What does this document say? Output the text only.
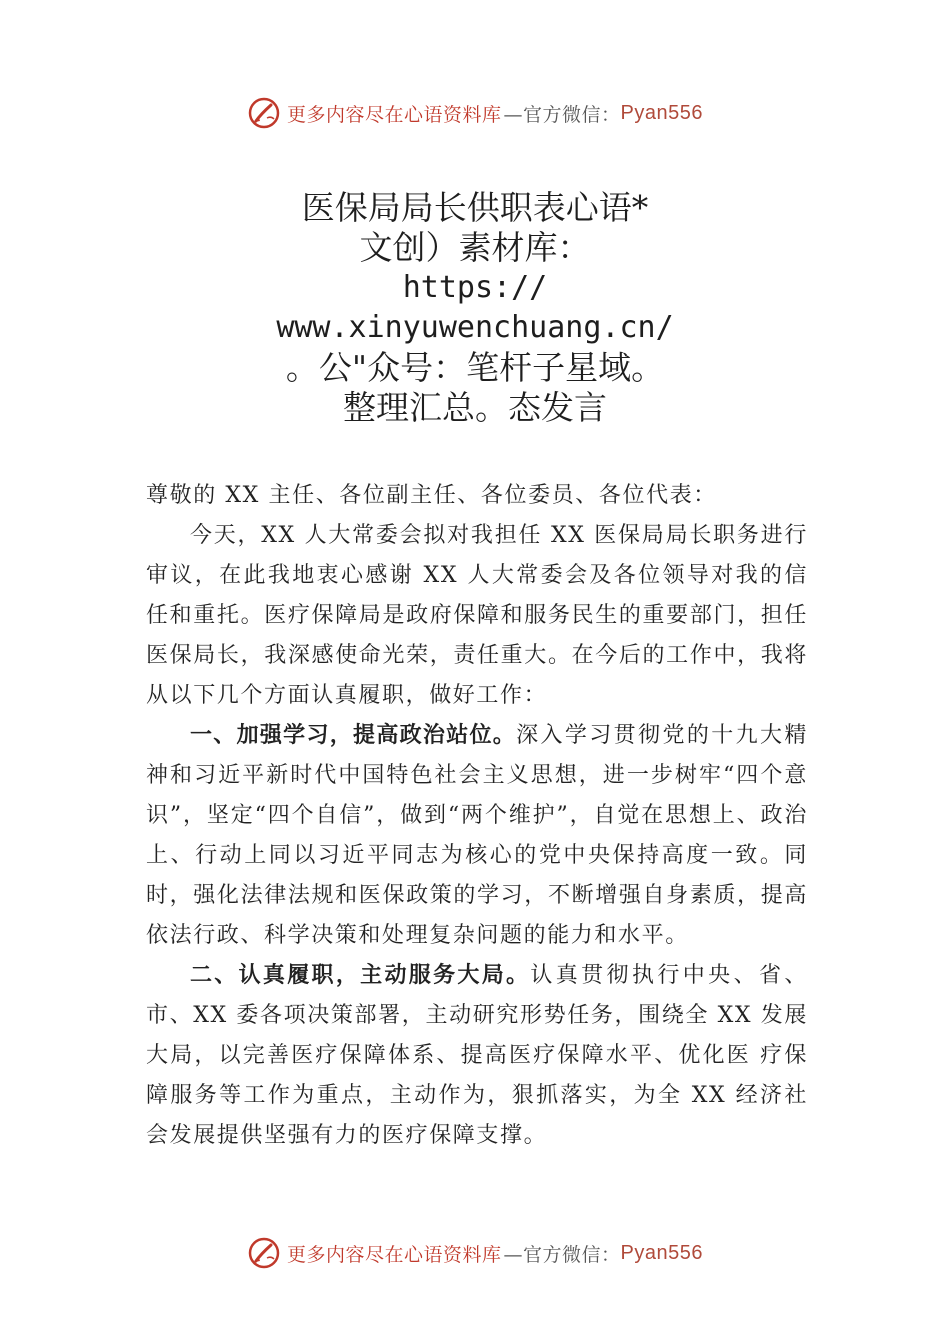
更多内容尽在心语资料库 —官方微信： Pyan556
医保局局长供职表心语*
文创）素材库：
https://
www.xinyuwenchuang.cn/
。公"众号：笔杆子星域。
整理汇总。态发言

尊敬的 XX 主任、各位副主任、各位委员、各位代表：

今天，XX 人大常委会拟对我担任 XX 医保局局长职务进行审议，在此我地衷心感谢 XX 人大常委会及各位领导对我的信任和重托。医疗保障局是政府保障和服务民生的重要部门，担任医保局长，我深感使命光荣，责任重大。在今后的工作中，我将从以下几个方面认真履职，做好工作：

一、加强学习，提高政治站位。深入学习贯彻党的十九大精神和习近平新时代中国特色社会主义思想，进一步树牢“四个意识”，坚定“四个自信”，做到“两个维护”，自觉在思想上、政治上、行动上同以习近平同志为核心的党中央保持高度一致。同时，强化法律法规和医保政策的学习，不断增强自身素质，提高依法行政、科学决策和处理复杂问题的能力和水平。

二、认真履职，主动服务大局。认真贯彻执行中央、省、市、XX 委各项决策部署，主动研究形势任务，围绕全 XX 发展大局，以完善医疗保障体系、提高医疗保障水平、优化医 疗保障服务等工作为重点，主动作为，狠抓落实，为全 XX 经济社会发展提供坚强有力的医疗保障支撑。

更多内容尽在心语资料库 —官方微信： Pyan556
